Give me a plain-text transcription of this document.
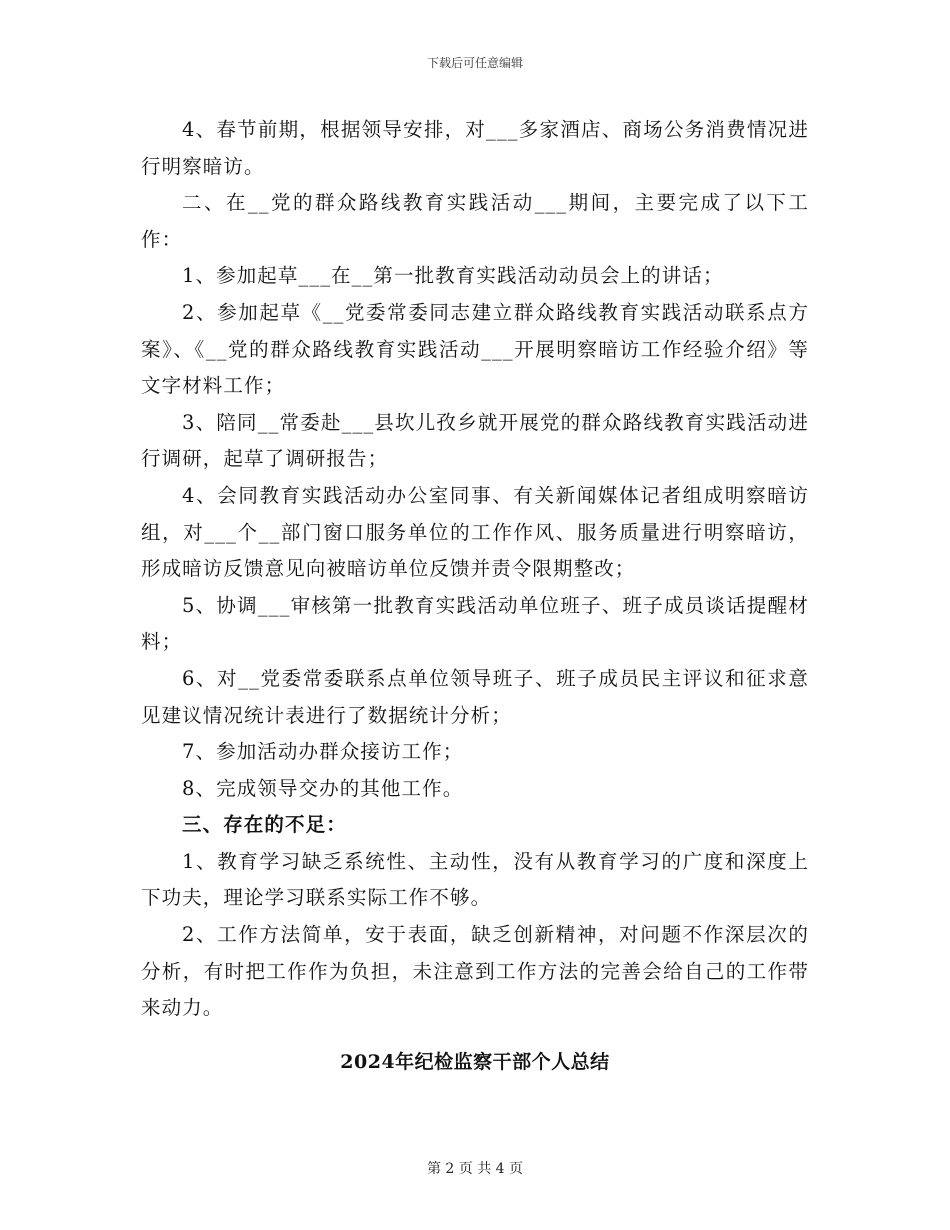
下载后可任意编辑

4、春节前期，根据领导安排，对___多家酒店、商场公务消费情况进行明察暗访。

二、在__党的群众路线教育实践活动___期间，主要完成了以下工作：

1、参加起草___在__第一批教育实践活动动员会上的讲话；

2、参加起草《__党委常委同志建立群众路线教育实践活动联系点方案》、《__党的群众路线教育实践活动___开展明察暗访工作经验介绍》等文字材料工作；

3、陪同__常委赴___县坎儿孜乡就开展党的群众路线教育实践活动进行调研，起草了调研报告；

4、会同教育实践活动办公室同事、有关新闻媒体记者组成明察暗访组，对___个__部门窗口服务单位的工作作风、服务质量进行明察暗访，形成暗访反馈意见向被暗访单位反馈并责令限期整改；

5、协调___审核第一批教育实践活动单位班子、班子成员谈话提醒材料；

6、对__党委常委联系点单位领导班子、班子成员民主评议和征求意见建议情况统计表进行了数据统计分析；

7、参加活动办群众接访工作；

8、完成领导交办的其他工作。

三、存在的不足：

1、教育学习缺乏系统性、主动性，没有从教育学习的广度和深度上下功夫，理论学习联系实际工作不够。

2、工作方法简单，安于表面，缺乏创新精神，对问题不作深层次的分析，有时把工作作为负担，未注意到工作方法的完善会给自己的工作带来动力。

2024年纪检监察干部个人总结
第 2 页 共 4 页
